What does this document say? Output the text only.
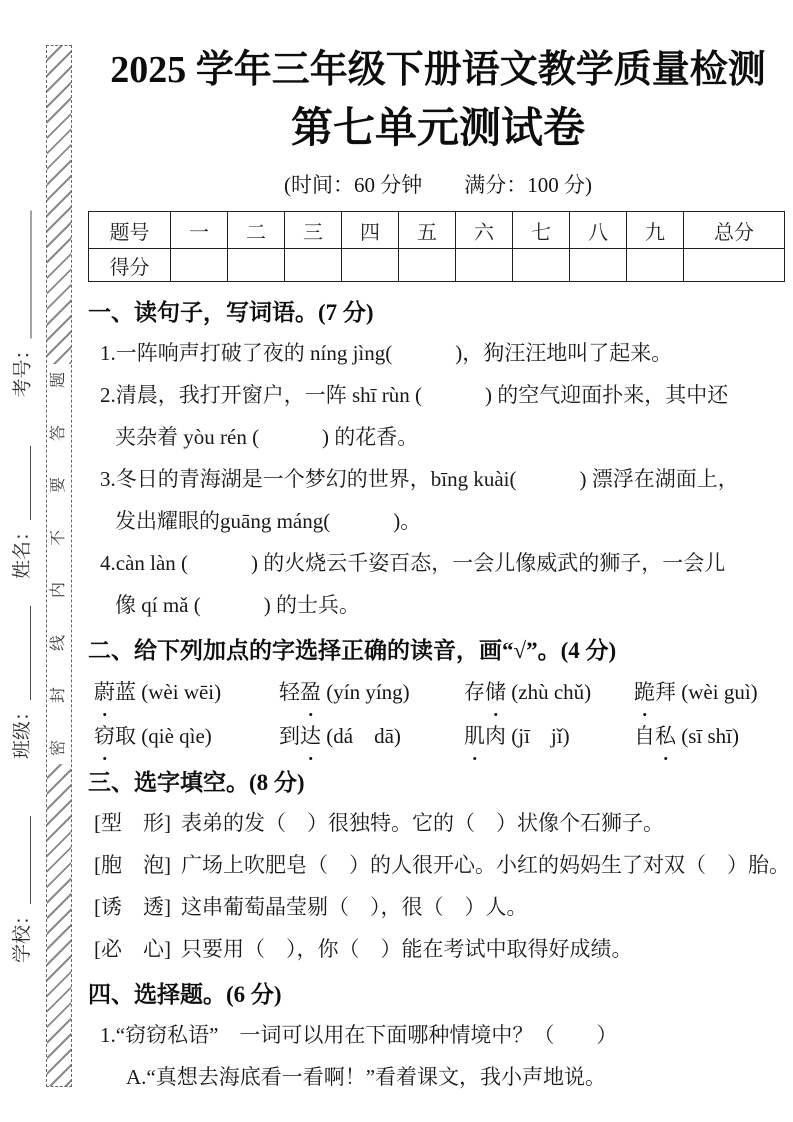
考号：
姓名：
班级：
学校：
题
答
要
不
内
线
封
密
2025 学年三年级下册语文教学质量检测
第七单元测试卷
(时间：60 分钟　　满分：100 分)
题号	一	二	三	四	五	六	七	八	九	总分
得分										
一、读句子，写词语。(7 分)
1.一阵响声打破了夜的 níng jìng(　　　)，狗汪汪地叫了起来。
2.清晨，我打开窗户，一阵 shī rùn (　　　) 的空气迎面扑来，其中还
夹杂着 yòu rén (　　　) 的花香。
3.冬日的青海湖是一个梦幻的世界，bīng kuài(　　　) 漂浮在湖面上，
发出耀眼的guāng máng(　　　)。
4.càn làn (　　　) 的火烧云千姿百态，一会儿像威武的狮子，一会儿
像 qí mǎ (　　　) 的士兵。
二、给下列加点的字选择正确的读音，画“√”。(4 分)
蔚蓝 (wèi wēi)	轻盈 (yín yíng)	存储 (zhù chǔ)	跪拜 (wèi guì)
窃取 (qiè qìe)	到达 (dá　dā)	肌肉 (jī　jǐ)	自私 (sī shī)
三、选字填空。(8 分)
[型　形] 表弟的发（　）很独特。它的（　）状像个石狮子。
[胞　泡] 广场上吹肥皂（　）的人很开心。小红的妈妈生了对双（　）胎。
[诱　透] 这串葡萄晶莹剔（　），很（　）人。
[必　心] 只要用（　），你（　）能在考试中取得好成绩。
四、选择题。(6 分)
1.“窃窃私语”　一词可以用在下面哪种情境中？（　　）
A.“真想去海底看一看啊！”看着课文，我小声地说。
